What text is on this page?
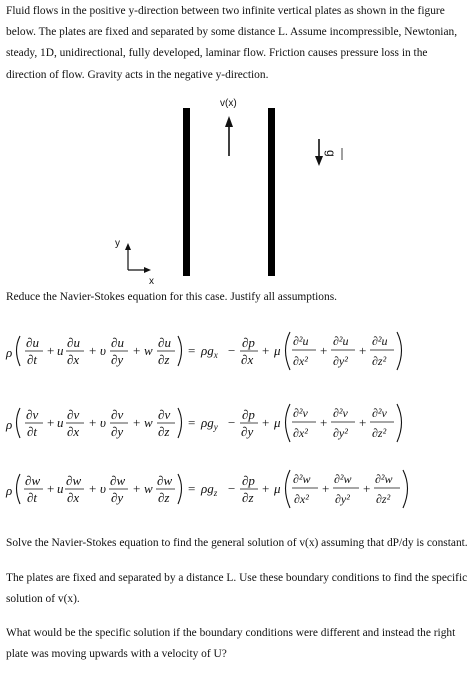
Fluid flows in the positive y-direction between two infinite vertical plates as shown in the figure below. The plates are fixed and separated by some distance L. Assume incompressible, Newtonian, steady, 1D, unidirectional, fully developed, laminar flow. Friction causes pressure loss in the direction of flow. Gravity acts in the negative y-direction.

v(x)
g
y
x

Reduce the Navier-Stokes equation for this case. Justify all assumptions.

ρ
∂u
∂t
+ u
∂u
∂x
+ υ
∂u
∂y
+ w
∂u
∂z
= $\rho g_x$ −
∂p
∂x
+ μ
∂²u
∂x²
+
∂²u
∂y²
+
∂²u
∂z²
ρ
∂v
∂t
+ u
∂v
∂x
+ υ
∂v
∂y
+ w
∂v
∂z
= $\rho g_y$ −
∂p
∂y
+ μ
∂²v
∂x²
+
∂²v
∂y²
+
∂²v
∂z²
ρ
∂w
∂t
+ u
∂w
∂x
+ υ
∂w
∂y
+ w
∂w
∂z
= $\rho g_z$ −
∂p
∂z
+ μ
∂²w
∂x²
+
∂²w
∂y²
+
∂²w
∂z²

Solve the Navier-Stokes equation to find the general solution of v(x) assuming that dP/dy is constant.

The plates are fixed and separated by a distance L. Use these boundary conditions to find the specific solution of v(x).

What would be the specific solution if the boundary conditions were different and instead the right plate was moving upwards with a velocity of U?
